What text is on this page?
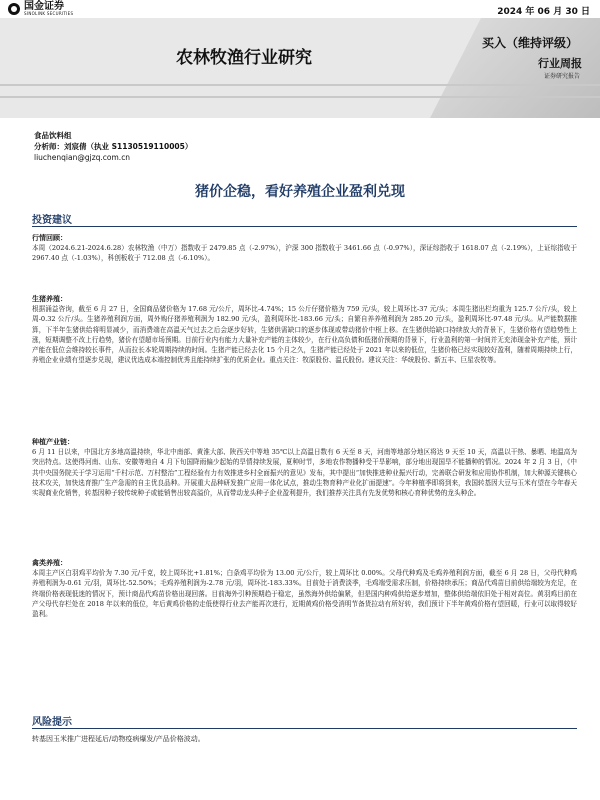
国金证券
SINOLINK SECURITIES	2024 年 06 月 30 日
农林牧渔行业研究
买入（维持评级）
行业周报
证券研究报告
食品饮料组
分析师：刘宸倩（执业 S1130519110005）
liuchenqian@gjzq.com.cn
猪价企稳，看好养殖企业盈利兑现
投资建议
行情回顾：

本周（2024.6.21-2024.6.28）农林牧渔（中万）指数收于 2479.85 点（-2.97%），沪深 300 指数收于 3461.66 点（-0.97%），深证综指收于 1618.07 点（-2.19%），上证综指收于 2967.40 点（-1.03%），科创板收于 712.08 点（-6.10%）。

生猪养殖：

根据涌益咨询，截至 6 月 27 日，全国商品猪价格为 17.68 元/公斤，周环比-4.74%；15 公斤仔猪价格为 759 元/头，较上周环比-37 元/头；本周生猪出栏均重为 125.7 公斤/头，较上周-0.32 公斤/头。生猪养殖利润方面，周外购仔猪养殖利润为 182.90 元/头，盈利周环比-183.66 元/头；自繁自养养殖利润为 285.20 元/头，盈利周环比-97.48 元/头。从产能数据推算，下半年生猪供给将明显减少，而消费端在高温天气过去之后会逐步好转，生猪供需缺口的逐步体现或带动猪价中枢上移。在生猪供给缺口持续放大的背景下，生猪价格有望趋势性上涨，短期调整不改上行趋势，猪价有望超市场预期。目前行业内有能力大量补充产能的主体较少，在行业高负债和低猪价预期的背景下，行业盈利的第一时间并无充沛现金补充产能，预计产能在低位会维持较长事件，从而拉长本轮周期持续的时间。生猪产能已经去化 15 个月之久，生猪产能已经处于 2021 年以来的低位，生猪价格已经实现较好盈利，随着周期持续上行，养殖企业业绩有望逐步兑现，建议优选成本端控制优秀且能持续扩张的优质企业。重点关注：牧原股份、温氏股份。建议关注：华统股份、新五丰、巨星农牧等。

种植产业链：

6 月 11 日以来，中国北方多地高温持续，华北中南部、黄淮大部、陕西关中等地 35℃以上高温日数有 6 天至 8 天，河南等地部分地区将达 9 天至 10 天，高温以干热、暴晒、地温高为突出特点。这使得河南、山东、安徽等地自 4 月下旬国降雨偏少起始的旱情持续发展，夏种时节，多地农作物播种受干旱影响，部分地出现国旱不能播种的情况。2024 年 2 月 3 日，《中共中央国务院关于学习运用“千村示范、万村整治”工程经验有力有效推进乡村全面振兴的意见》发布，其中提出“加快推进种业振兴行动，完善联合研发和应用协作机制，加大种源关键核心技术攻关，加快选育推广生产急需的自主优良品种。开展重大品种研发推广应用一体化试点，推动生物育种产业化扩面提速”。今年种植季即将到来，我国转基因大豆与玉米有望在今年春天实现商业化销售，转基因种子较传统种子或能销售出较高溢价，从而带动龙头种子企业盈利提升，我们推荐关注具有先发优势和核心育种优势的龙头种企。

禽类养殖：

本周主产区白羽鸡平均价为 7.30 元/千克，较上周环比+1.81%；白条鸡平均价为 13.00 元/公斤，较上周环比 0.00%。父母代种鸡及毛鸡养殖利润方面，截至 6 月 28 日，父母代种鸡养殖利润为-0.61 元/羽，周环比-52.50%；毛鸡养殖利润为-2.78 元/羽，周环比-183.33%。目前处于消费淡季，毛鸡端受需求压制，价格持续承压；商品代鸡苗目前供给端较为充足，在终端价格表现低迷的情况下，预计商品代鸡苗价格出现回落。目前海外引种预期趋于稳定，虽然海外供给偏紧，但是国内种鸡供给逐步增加，整体供给端依旧处于相对高位。黄羽鸡目前在产父母代存栏处在 2018 年以来的低位，年后黄鸡价格的走低使得行业去产能再次进行，近期黄鸡价格受消明节备货拉动有所好转，我们预计下半年黄鸡价格有望回暖，行业可以取得较好盈利。

风险提示
转基因玉米推广进程延后/动物疫病爆发/产品价格波动。
